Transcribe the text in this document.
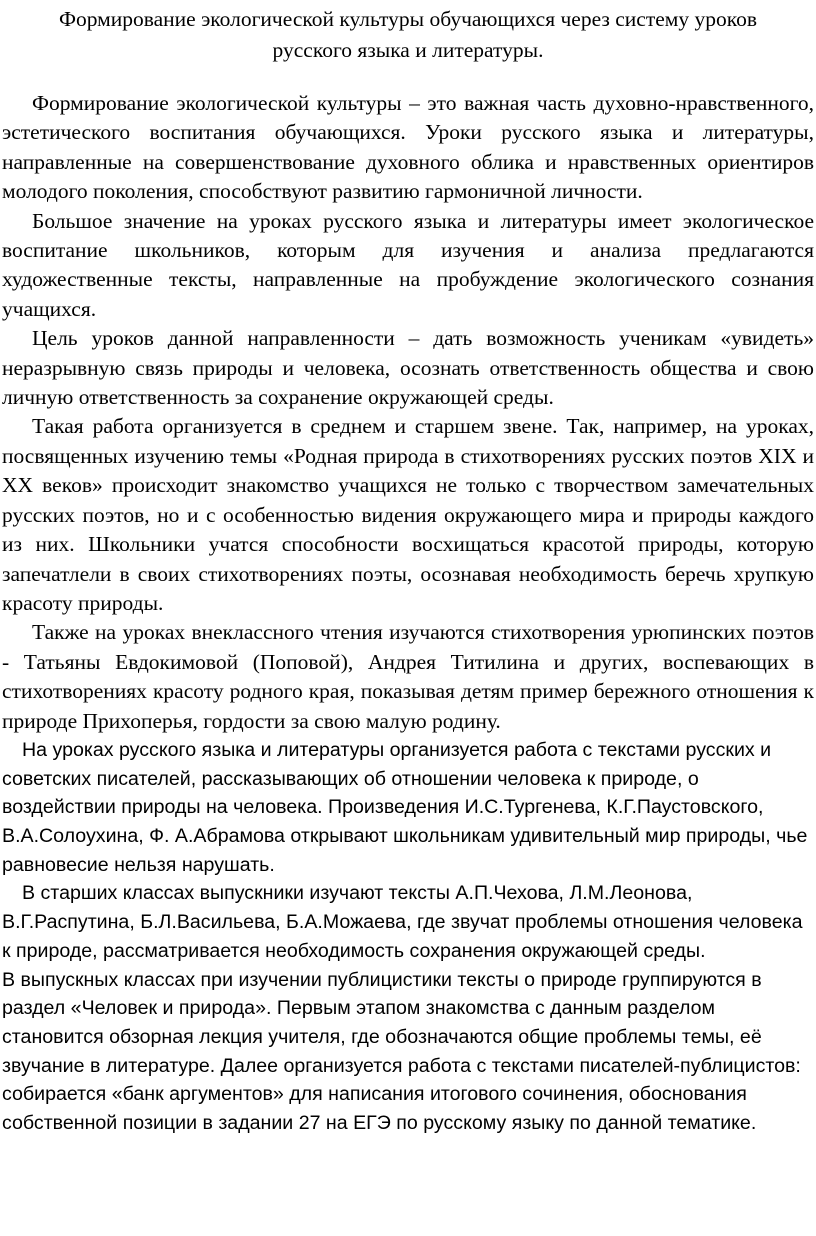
Формирование экологической культуры обучающихся через систему уроков
русского языка и литературы.

Формирование экологической культуры – это важная часть духовно-нравственного, эстетического воспитания обучающихся. Уроки русского языка и литературы, направленные на совершенствование духовного облика и нравственных ориентиров молодого поколения, способствуют развитию гармоничной личности.

Большое значение на уроках русского языка и литературы имеет экологическое воспитание школьников, которым для изучения и анализа предлагаются художественные тексты, направленные на пробуждение экологического сознания учащихся.

Цель уроков данной направленности – дать возможность ученикам «увидеть» неразрывную связь природы и человека, осознать ответственность общества и свою личную ответственность за сохранение окружающей среды.

Такая работа организуется в среднем и старшем звене. Так, например, на уроках, посвященных изучению темы «Родная природа в стихотворениях русских поэтов XIX и XX веков» происходит знакомство учащихся не только с творчеством замечательных русских поэтов, но и с особенностью видения окружающего мира и природы каждого из них. Школьники учатся способности восхищаться красотой природы, которую запечатлели в своих стихотворениях поэты, осознавая необходимость беречь хрупкую красоту природы.

Также на уроках внеклассного чтения изучаются стихотворения урюпинских поэтов - Татьяны Евдокимовой (Поповой), Андрея Титилина и других, воспевающих в стихотворениях красоту родного края, показывая детям пример бережного отношения к природе Прихоперья, гордости за свою малую родину.

На уроках русского языка и литературы организуется работа с текстами русских и советских писателей, рассказывающих об отношении человека к природе, о воздействии природы на человека. Произведения И.С.Тургенева, К.Г.Паустовского, В.А.Солоухина, Ф. А.Абрамова открывают школьникам удивительный мир природы, чье равновесие нельзя нарушать.

В старших классах выпускники изучают тексты А.П.Чехова, Л.М.Леонова, В.Г.Распутина, Б.Л.Васильева, Б.А.Можаева, где звучат проблемы отношения человека к природе, рассматривается необходимость сохранения окружающей среды.

В выпускных классах при изучении публицистики тексты о природе группируются в раздел «Человек и природа». Первым этапом знакомства с данным разделом становится обзорная лекция учителя, где обозначаются общие проблемы темы, её звучание в литературе. Далее организуется работа с текстами писателей-публицистов: собирается «банк аргументов» для написания итогового сочинения, обоснования собственной позиции в задании 27 на ЕГЭ по русскому языку по данной тематике.
